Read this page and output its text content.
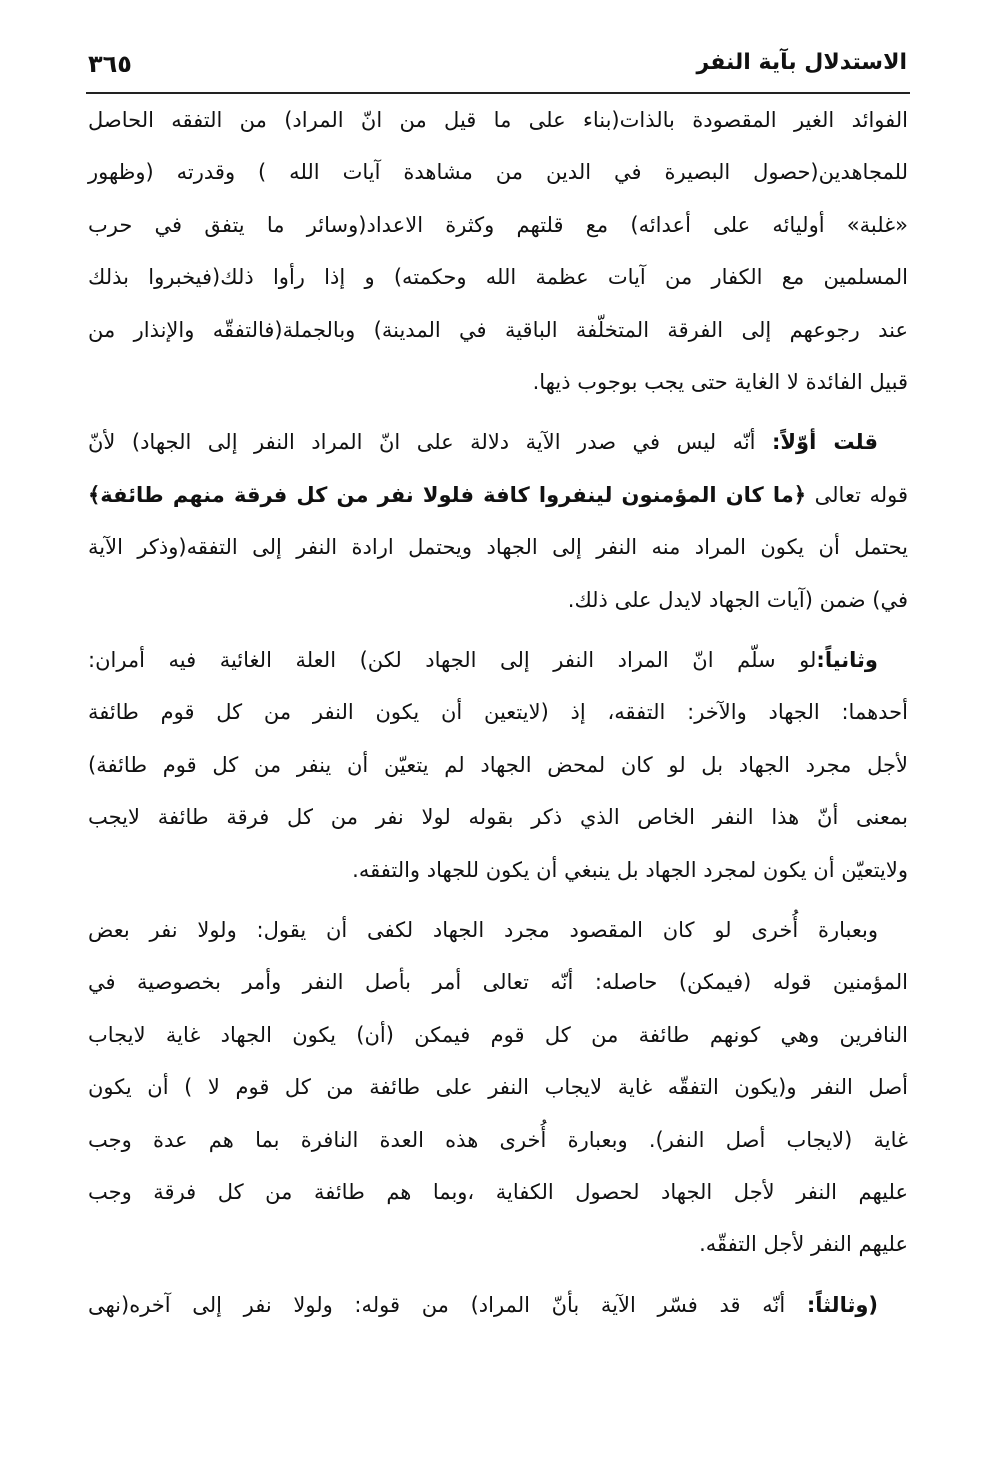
الاستدلال بآية النفر
٣٦٥
الفوائد الغير المقصودة بالذات(بناء على ما قيل من انّ المراد) من التفقه الحاصل
للمجاهدين(حصول البصيرة في الدين من مشاهدة آيات الله ) وقدرته (وظهور
«غلبة» أوليائه على أعدائه) مع قلتهم وكثرة الاعداد(وسائر ما يتفق في حرب
المسلمين مع الكفار من آيات عظمة الله وحكمته) و إذا رأوا ذلك(فيخبروا بذلك
عند رجوعهم إلى الفرقة المتخلّفة الباقية في المدينة) وبالجملة(فالتفقّه والإنذار من
قبيل الفائدة لا الغاية حتى يجب بوجوب ذيها.
قلت أوّلاً: أنّه ليس في صدر الآية دلالة على انّ المراد النفر إلى الجهاد) لأنّ
قوله تعالى ﴿ما كان المؤمنون لينفروا كافة فلولا نفر من كل فرقة منهم طائفة﴾
يحتمل أن يكون المراد منه النفر إلى الجهاد ويحتمل ارادة النفر إلى التفقه(وذكر الآية
في) ضمن (آيات الجهاد لايدل على ذلك.
وثانياً:لو سلّم انّ المراد النفر إلى الجهاد لكن) العلة الغائية فيه أمران:
أحدهما: الجهاد والآخر: التفقه، إذ (لايتعين أن يكون النفر من كل قوم طائفة
لأجل مجرد الجهاد بل لو كان لمحض الجهاد لم يتعيّن أن ينفر من كل قوم طائفة)
بمعنى أنّ هذا النفر الخاص الذي ذكر بقوله لولا نفر من كل فرقة طائفة لايجب
ولايتعيّن أن يكون لمجرد الجهاد بل ينبغي أن يكون للجهاد والتفقه.
وبعبارة أُخرى لو كان المقصود مجرد الجهاد لكفى أن يقول: ولولا نفر بعض
المؤمنين قوله (فيمكن) حاصله: أنّه تعالى أمر بأصل النفر وأمر بخصوصية في
النافرين وهي كونهم طائفة من كل قوم فيمكن (أن) يكون الجهاد غاية لايجاب
أصل النفر و(يكون التفقّه غاية لايجاب النفر على طائفة من كل قوم لا ) أن يكون
غاية (لايجاب أصل النفر). وبعبارة أُخرى هذه العدة النافرة بما هم عدة وجب
عليهم النفر لأجل الجهاد لحصول الكفاية ،وبما هم طائفة من كل فرقة وجب
عليهم النفر لأجل التفقّه.
(وثالثاً: أنّه قد فسّر الآية بأنّ المراد) من قوله: ولولا نفر إلى آخره(نهى
